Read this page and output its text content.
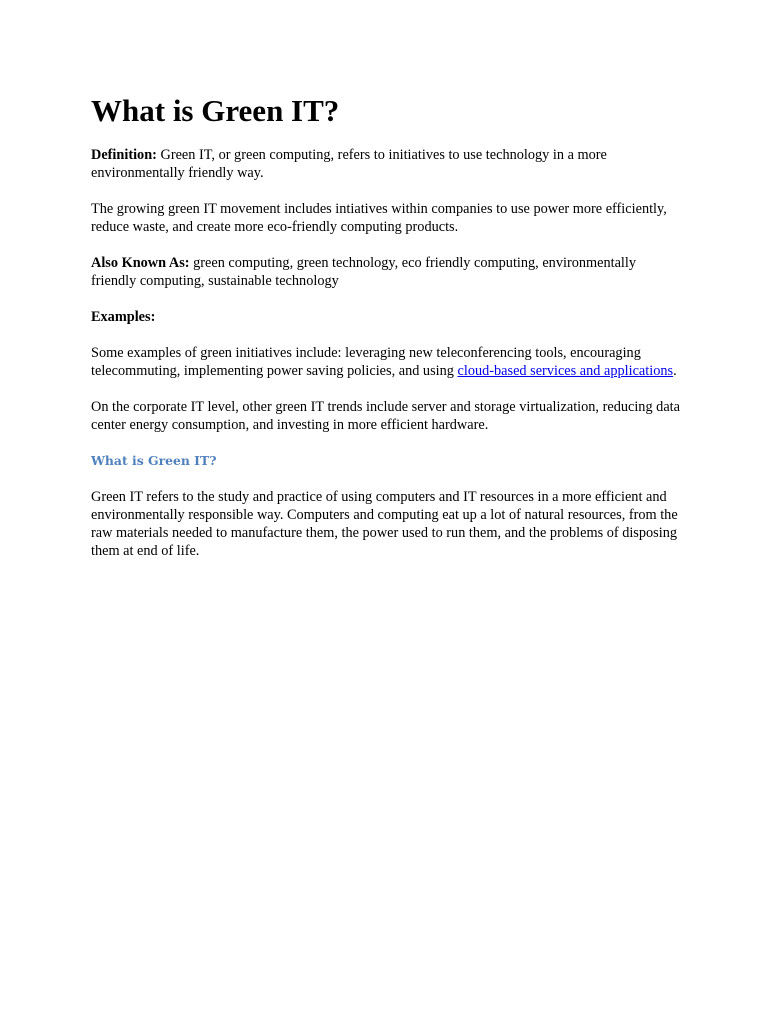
What is Green IT?

Definition: Green IT, or green computing, refers to initiatives to use technology in a more environmentally friendly way.

The growing green IT movement includes intiatives within companies to use power more efficiently, reduce waste, and create more eco-friendly computing products.

Also Known As: green computing, green technology, eco friendly computing, environmentally friendly computing, sustainable technology

Examples:

Some examples of green initiatives include: leveraging new teleconferencing tools, encouraging telecommuting, implementing power saving policies, and using cloud-based services and applications.

On the corporate IT level, other green IT trends include server and storage virtualization, reducing data center energy consumption, and investing in more efficient hardware.

What is Green IT?

Green IT refers to the study and practice of using computers and IT resources in a more efficient and environmentally responsible way. Computers and computing eat up a lot of natural resources, from the raw materials needed to manufacture them, the power used to run them, and the problems of disposing them at end of life.
